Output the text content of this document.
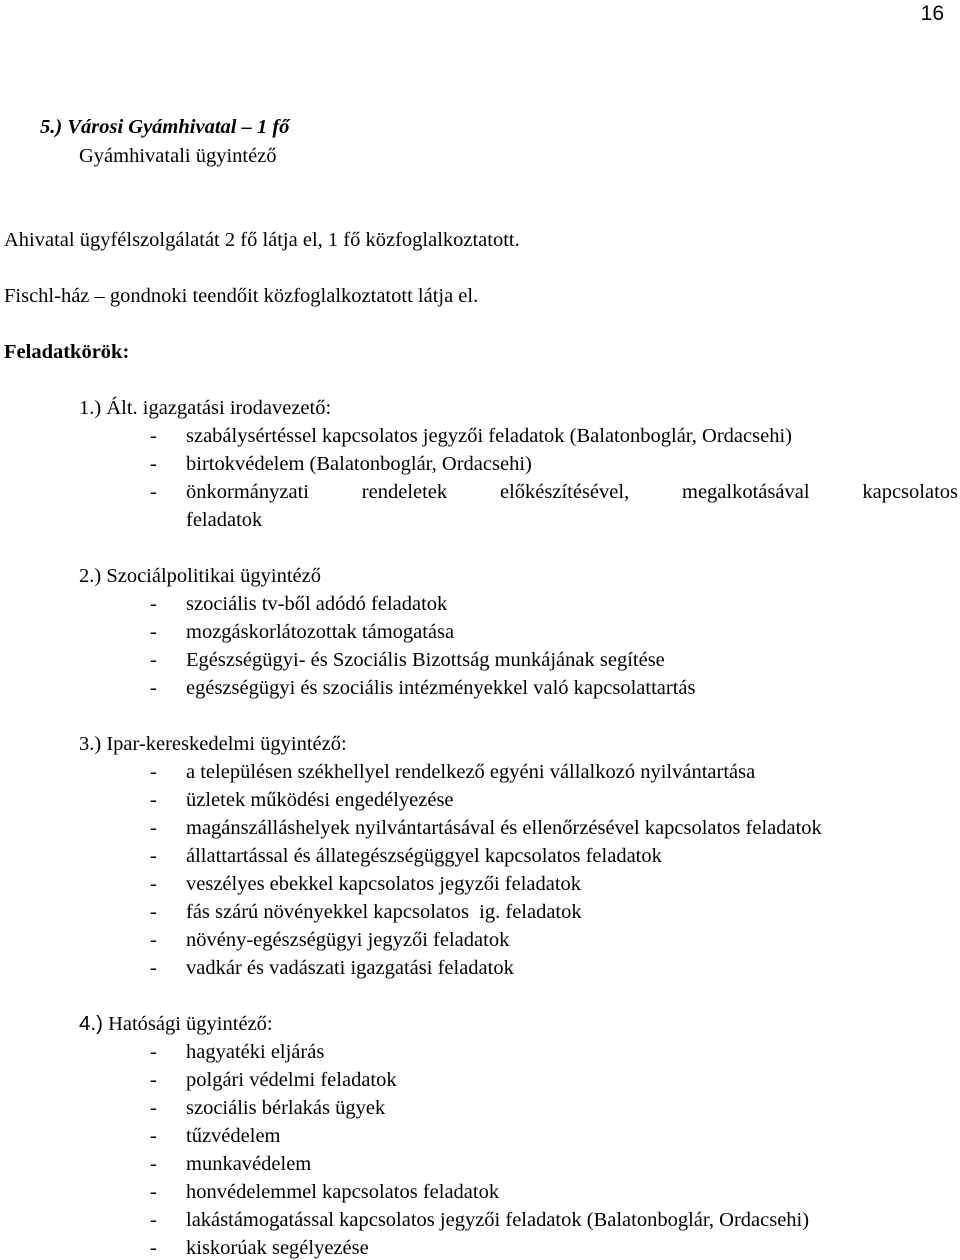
16
5.) Városi Gyámhivatal – 1 fő
Gyámhivatali ügyintéző
Ahivatal ügyfélszolgálatát 2 fő látja el, 1 fő közfoglalkoztatott.
Fischl-ház – gondnoki teendőit közfoglalkoztatott látja el.
Feladatkörök:
1.) Ált. igazgatási irodavezető:
- szabálysértéssel kapcsolatos jegyzői feladatok (Balatonboglár, Ordacsehi)
- birtokvédelem (Balatonboglár, Ordacsehi)
- önkormányzati rendeletek előkészítésével, megalkotásával kapcsolatos
feladatok
2.) Szociálpolitikai ügyintéző
- szociális tv-ből adódó feladatok
- mozgáskorlátozottak támogatása
- Egészségügyi- és Szociális Bizottság munkájának segítése
- egészségügyi és szociális intézményekkel való kapcsolattartás
3.) Ipar-kereskedelmi ügyintéző:
- a településen székhellyel rendelkező egyéni vállalkozó nyilvántartása
- üzletek működési engedélyezése
- magánszálláshelyek nyilvántartásával és ellenőrzésével kapcsolatos feladatok
- állattartással és állategészségüggyel kapcsolatos feladatok
- veszélyes ebekkel kapcsolatos jegyzői feladatok
- fás szárú növényekkel kapcsolatos  ig. feladatok
- növény-egészségügyi jegyzői feladatok
- vadkár és vadászati igazgatási feladatok
4.) Hatósági ügyintéző:
- hagyatéki eljárás
- polgári védelmi feladatok
- szociális bérlakás ügyek
- tűzvédelem
- munkavédelem
- honvédelemmel kapcsolatos feladatok
- lakástámogatással kapcsolatos jegyzői feladatok (Balatonboglár, Ordacsehi)
- kiskorúak segélyezése
